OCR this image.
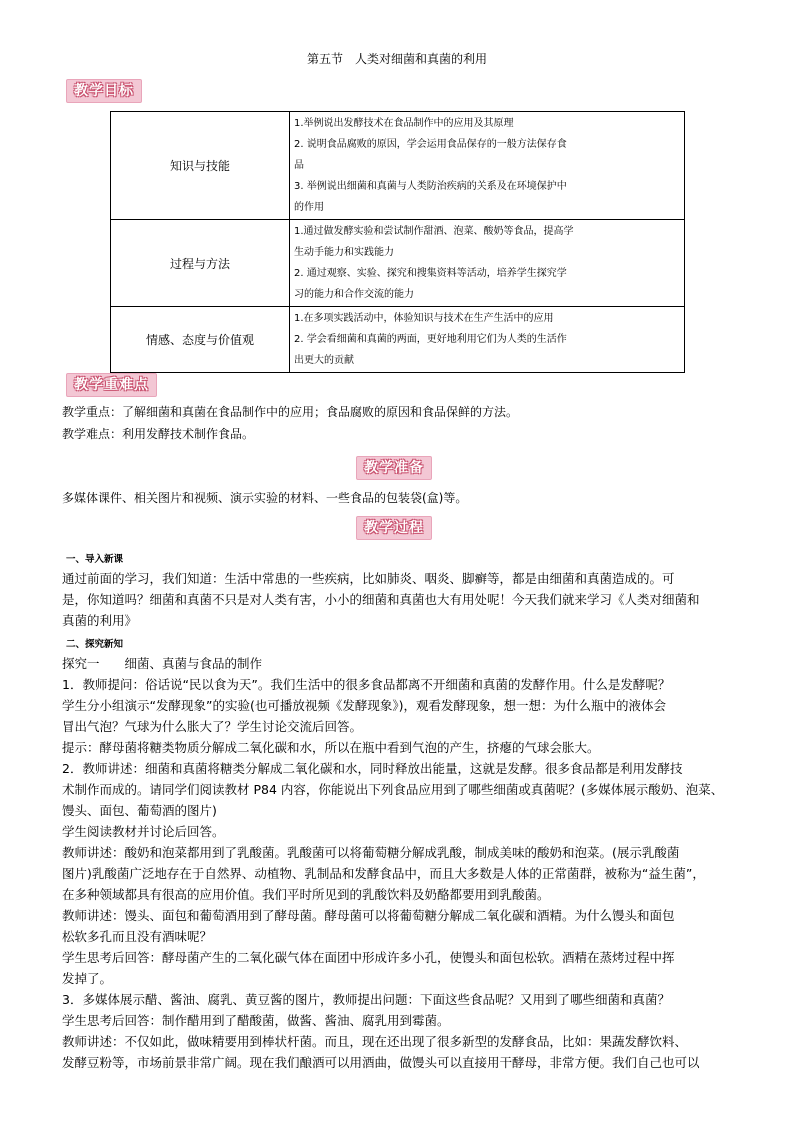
第五节　人类对细菌和真菌的利用
教学目标
知识与技能	1.举例说出发酵技术在食品制作中的应用及其原理
2. 说明食品腐败的原因，学会运用食品保存的一般方法保存食
品
3. 举例说出细菌和真菌与人类防治疾病的关系及在环境保护中
的作用

过程与方法	1.通过做发酵实验和尝试制作甜酒、泡菜、酸奶等食品，提高学
生动手能力和实践能力
2. 通过观察、实验、探究和搜集资料等活动，培养学生探究学
习的能力和合作交流的能力

情感、态度与价值观	1.在多项实践活动中，体验知识与技术在生产生活中的应用
2. 学会看细菌和真菌的两面，更好地利用它们为人类的生活作
出更大的贡献
教学重难点
教学重点：了解细菌和真菌在食品制作中的应用；食品腐败的原因和食品保鲜的方法。
教学难点：利用发酵技术制作食品。
教学准备
多媒体课件、相关图片和视频、演示实验的材料、一些食品的包装袋(盒)等。
教学过程
一、导入新课
通过前面的学习，我们知道：生活中常患的一些疾病，比如肺炎、咽炎、脚癣等，都是由细菌和真菌造成的。可
是，你知道吗？细菌和真菌不只是对人类有害，小小的细菌和真菌也大有用处呢！今天我们就来学习《人类对细菌和
真菌的利用》
二、探究新知
探究一　　细菌、真菌与食品的制作
1．教师提问：俗话说“民以食为天”。我们生活中的很多食品都离不开细菌和真菌的发酵作用。什么是发酵呢？
学生分小组演示“发酵现象”的实验(也可播放视频《发酵现象》)，观看发酵现象，想一想：为什么瓶中的液体会
冒出气泡？气球为什么胀大了？学生讨论交流后回答。
提示：酵母菌将糖类物质分解成二氧化碳和水，所以在瓶中看到气泡的产生，挤瘪的气球会胀大。
2．教师讲述：细菌和真菌将糖类分解成二氧化碳和水，同时释放出能量，这就是发酵。很多食品都是利用发酵技
术制作而成的。请同学们阅读教材 P84 内容，你能说出下列食品应用到了哪些细菌或真菌呢？(多媒体展示酸奶、泡菜、
馒头、面包、葡萄酒的图片)
学生阅读教材并讨论后回答。
教师讲述：酸奶和泡菜都用到了乳酸菌。乳酸菌可以将葡萄糖分解成乳酸，制成美味的酸奶和泡菜。(展示乳酸菌
图片)乳酸菌广泛地存在于自然界、动植物、乳制品和发酵食品中，而且大多数是人体的正常菌群，被称为“益生菌”，
在多种领域都具有很高的应用价值。我们平时所见到的乳酸饮料及奶酪都要用到乳酸菌。
教师讲述：馒头、面包和葡萄酒用到了酵母菌。酵母菌可以将葡萄糖分解成二氧化碳和酒精。为什么馒头和面包
松软多孔而且没有酒味呢？
学生思考后回答：酵母菌产生的二氧化碳气体在面团中形成许多小孔，使馒头和面包松软。酒精在蒸烤过程中挥
发掉了。
3．多媒体展示醋、酱油、腐乳、黄豆酱的图片，教师提出问题：下面这些食品呢？又用到了哪些细菌和真菌？
学生思考后回答：制作醋用到了醋酸菌，做酱、酱油、腐乳用到霉菌。
教师讲述：不仅如此，做味精要用到棒状杆菌。而且，现在还出现了很多新型的发酵食品，比如：果蔬发酵饮料、
发酵豆粉等，市场前景非常广阔。现在我们酿酒可以用酒曲，做馒头可以直接用干酵母，非常方便。我们自己也可以
